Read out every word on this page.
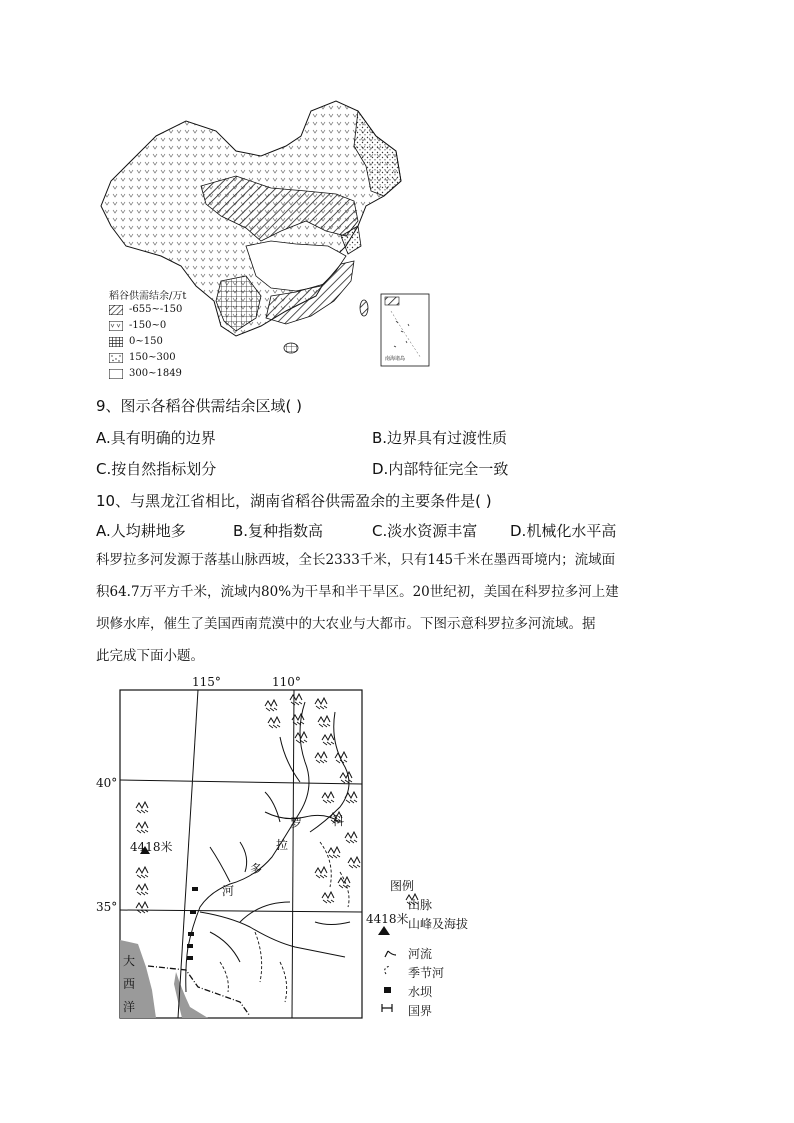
南海诸岛
稻谷供需结余/万t
-655~-150
-150~0
0~150
150~300
300~1849
9、图示各稻谷供需结余区域( )
A.具有明确的边界	B.边界具有过渡性质
C.按自然指标划分	D.内部特征完全一致
10、与黑龙江省相比，湖南省稻谷供需盈余的主要条件是( )
A.人均耕地多	B.复种指数高	C.淡水资源丰富 D.机械化水平高
科罗拉多河发源于落基山脉西坡，全长2333千米，只有145千米在墨西哥境内；流域面
积64.7万平方千米，流域内80%为干旱和半干旱区。20世纪初，美国在科罗拉多河上建
坝修水库，催生了美国西南荒漠中的大农业与大都市。下图示意科罗拉多河流域。据
此完成下面小题。
115°	110°
40°
35°
4418米
科
罗
拉
多
河
大
西
洋
图例
山脉
4418米 山峰及海拔
河流
季节河
水坝
国界
